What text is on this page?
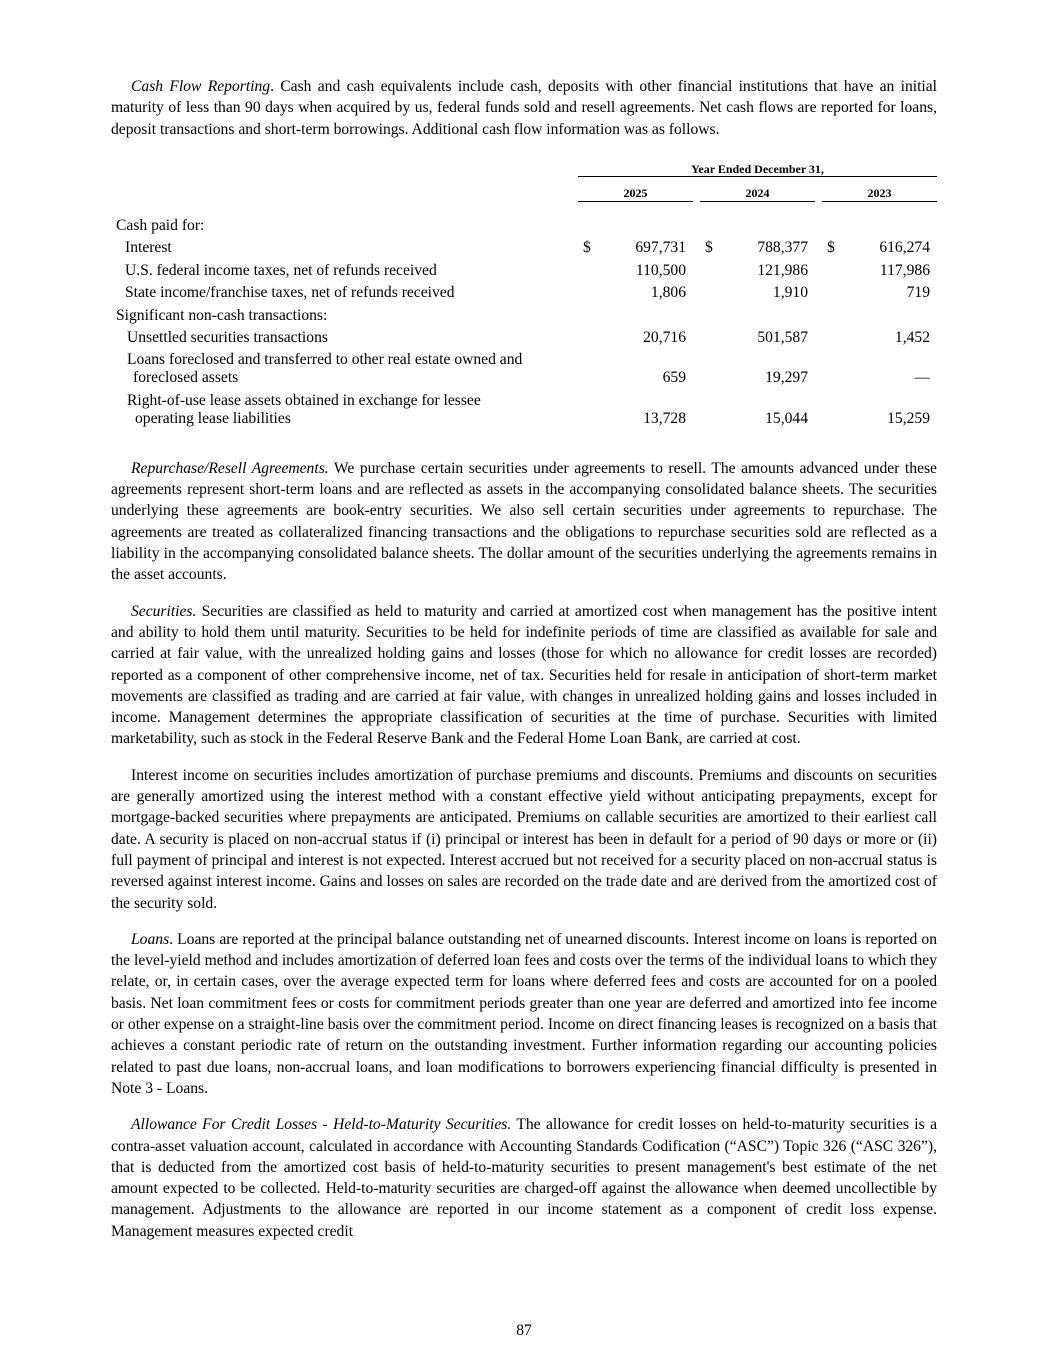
Cash Flow Reporting. Cash and cash equivalents include cash, deposits with other financial institutions that have an initial maturity of less than 90 days when acquired by us, federal funds sold and resell agreements. Net cash flows are reported for loans, deposit transactions and short-term borrowings. Additional cash flow information was as follows.

Year Ended December 31,
2025	2024	2023
Cash paid for:
Interest	$	697,731 $	788,377 $	616,274
U.S. federal income taxes, net of refunds received	110,500	121,986	117,986
State income/franchise taxes, net of refunds received	1,806	1,910	719
Significant non-cash transactions:
Unsettled securities transactions	20,716	501,587	1,452
Loans foreclosed and transferred to other real estate owned and
foreclosed assets	659	19,297	—
Right-of-use lease assets obtained in exchange for lessee
operating lease liabilities	13,728	15,044	15,259

Repurchase/Resell Agreements. We purchase certain securities under agreements to resell. The amounts advanced under these agreements represent short-term loans and are reflected as assets in the accompanying consolidated balance sheets. The securities underlying these agreements are book-entry securities. We also sell certain securities under agreements to repurchase. The agreements are treated as collateralized financing transactions and the obligations to repurchase securities sold are reflected as a liability in the accompanying consolidated balance sheets. The dollar amount of the securities underlying the agreements remains in the asset accounts.

Securities. Securities are classified as held to maturity and carried at amortized cost when management has the positive intent and ability to hold them until maturity. Securities to be held for indefinite periods of time are classified as available for sale and carried at fair value, with the unrealized holding gains and losses (those for which no allowance for credit losses are recorded) reported as a component of other comprehensive income, net of tax. Securities held for resale in anticipation of short-term market movements are classified as trading and are carried at fair value, with changes in unrealized holding gains and losses included in income. Management determines the appropriate classification of securities at the time of purchase. Securities with limited marketability, such as stock in the Federal Reserve Bank and the Federal Home Loan Bank, are carried at cost.

Interest income on securities includes amortization of purchase premiums and discounts. Premiums and discounts on securities are generally amortized using the interest method with a constant effective yield without anticipating prepayments, except for mortgage-backed securities where prepayments are anticipated. Premiums on callable securities are amortized to their earliest call date. A security is placed on non-accrual status if (i) principal or interest has been in default for a period of 90 days or more or (ii) full payment of principal and interest is not expected. Interest accrued but not received for a security placed on non-accrual status is reversed against interest income. Gains and losses on sales are recorded on the trade date and are derived from the amortized cost of the security sold.

Loans. Loans are reported at the principal balance outstanding net of unearned discounts. Interest income on loans is reported on the level-yield method and includes amortization of deferred loan fees and costs over the terms of the individual loans to which they relate, or, in certain cases, over the average expected term for loans where deferred fees and costs are accounted for on a pooled basis. Net loan commitment fees or costs for commitment periods greater than one year are deferred and amortized into fee income or other expense on a straight-line basis over the commitment period. Income on direct financing leases is recognized on a basis that achieves a constant periodic rate of return on the outstanding investment. Further information regarding our accounting policies related to past due loans, non-accrual loans, and loan modifications to borrowers experiencing financial difficulty is presented in Note 3 - Loans.

Allowance For Credit Losses - Held-to-Maturity Securities. The allowance for credit losses on held-to-maturity securities is a contra-asset valuation account, calculated in accordance with Accounting Standards Codification (“ASC”) Topic 326 (“ASC 326”), that is deducted from the amortized cost basis of held-to-maturity securities to present management's best estimate of the net amount expected to be collected. Held-to-maturity securities are charged-off against the allowance when deemed uncollectible by management. Adjustments to the allowance are reported in our income statement as a component of credit loss expense. Management measures expected credit

87
